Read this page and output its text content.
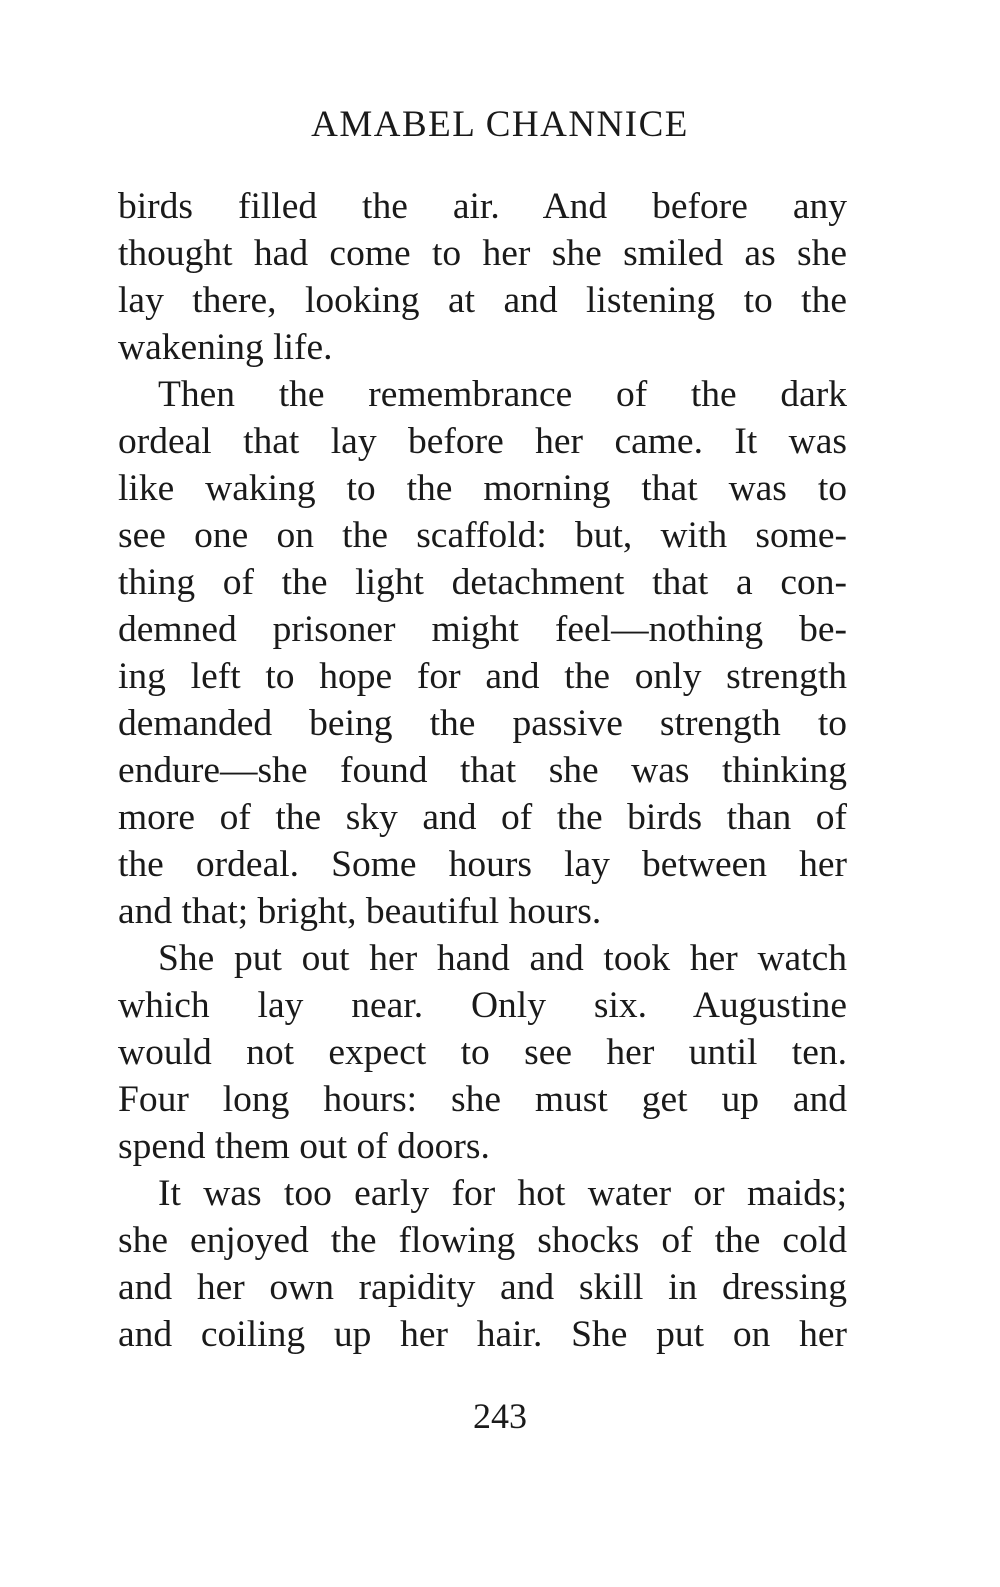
AMABEL CHANNICE
birds filled the air. And before any
thought had come to her she smiled as she
lay there, looking at and listening to the
wakening life.
Then the remembrance of the dark
ordeal that lay before her came. It was
like waking to the morning that was to
see one on the scaffold: but, with some-
thing of the light detachment that a con-
demned prisoner might feel—nothing be-
ing left to hope for and the only strength
demanded being the passive strength to
endure—she found that she was thinking
more of the sky and of the birds than of
the ordeal. Some hours lay between her
and that; bright, beautiful hours.
She put out her hand and took her watch
which lay near. Only six. Augustine
would not expect to see her until ten.
Four long hours: she must get up and
spend them out of doors.
It was too early for hot water or maids;
she enjoyed the flowing shocks of the cold
and her own rapidity and skill in dressing
and coiling up her hair. She put on her
243
